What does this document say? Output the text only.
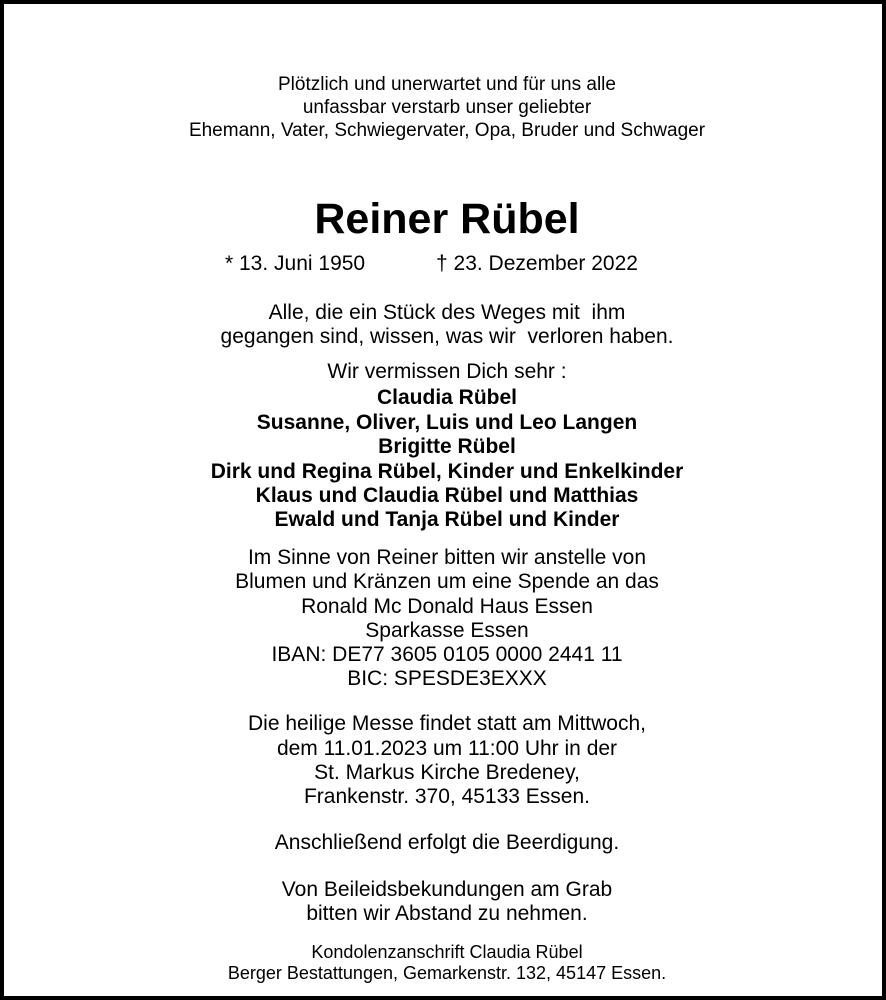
Plötzlich und unerwartet und für uns alle
unfassbar verstarb unser geliebter
Ehemann, Vater, Schwiegervater, Opa, Bruder und Schwager
Reiner Rübel
* 13. Juni 1950	† 23. Dezember 2022
Alle, die ein Stück des Weges mit  ihm
gegangen sind, wissen, was wir  verloren haben.
Wir vermissen Dich sehr :
Claudia Rübel
Susanne, Oliver, Luis und Leo Langen
Brigitte Rübel
Dirk und Regina Rübel, Kinder und Enkelkinder
Klaus und Claudia Rübel und Matthias
Ewald und Tanja Rübel und Kinder
Im Sinne von Reiner bitten wir anstelle von
Blumen und Kränzen um eine Spende an das
Ronald Mc Donald Haus Essen
Sparkasse Essen
IBAN: DE77 3605 0105 0000 2441 11
BIC: SPESDE3EXXX
Die heilige Messe findet statt am Mittwoch,
dem 11.01.2023 um 11:00 Uhr in der
St. Markus Kirche Bredeney,
Frankenstr. 370, 45133 Essen.
Anschließend erfolgt die Beerdigung.
Von Beileidsbekundungen am Grab
bitten wir Abstand zu nehmen.
Kondolenzanschrift Claudia Rübel
Berger Bestattungen, Gemarkenstr. 132, 45147 Essen.
